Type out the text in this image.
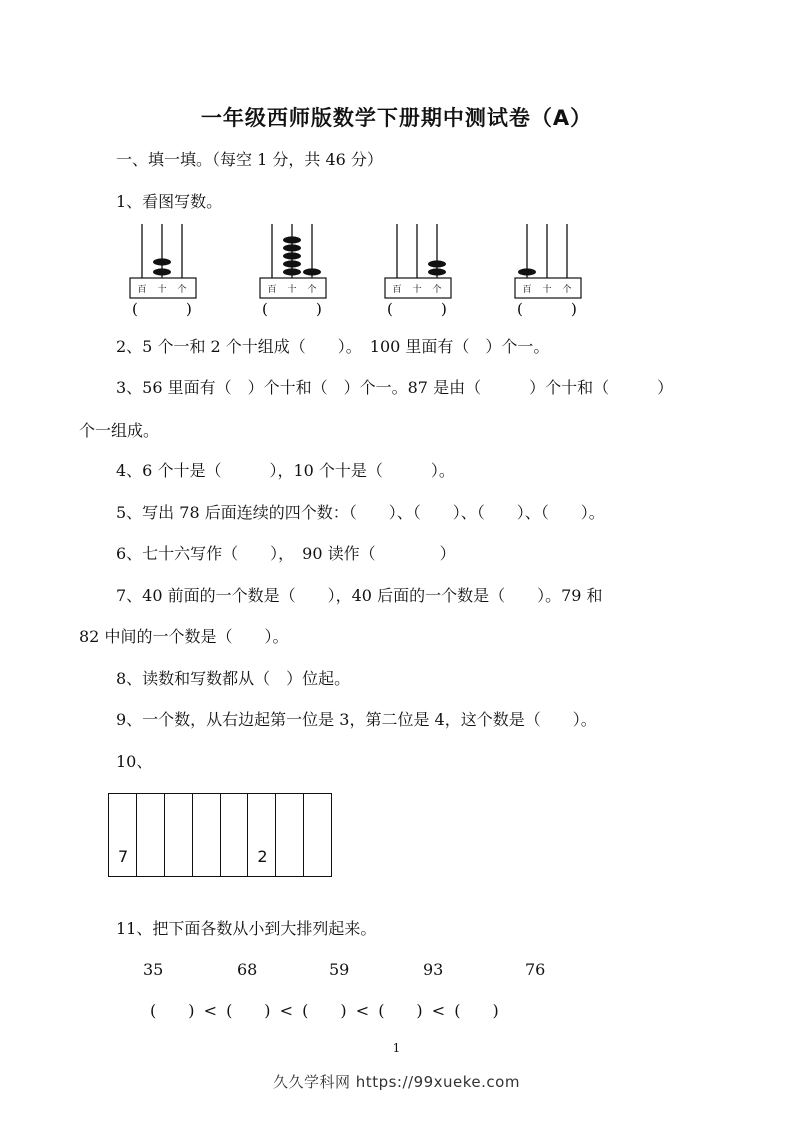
一年级西师版数学下册期中测试卷（A）
一、填一填。（每空 1 分，共 46 分）
1、看图写数。
百 十 个
(	)
百 十 个
(	)
百 十 个
(	)
百 十 个
(	)
2、5 个一和 2 个十组成（　　）。　100 里面有（　）个一。
3、56 里面有（　）个十和（　）个一。87 是由（　　　）个十和（　　　）
个一组成。
4、6 个十是（　　　），10 个十是（　　　）。
5、写出 78 后面连续的四个数：（　　）、（　　）、（　　）、（　　）。
6、七十六写作（　　），　90 读作（　　　　）
7、40 前面的一个数是（　　），40 后面的一个数是（　　）。79 和
82 中间的一个数是（　　）。
8、读数和写数都从（　）位起。
9、一个数，从右边起第一位是 3，第二位是 4，这个数是（　　）。
10、
7	2
11、把下面各数从小到大排列起来。
35	68	59	93	76
(　　) < (　　) < (　　) < (　　) < (　　)
1
久久学科网 https://99xueke.com
